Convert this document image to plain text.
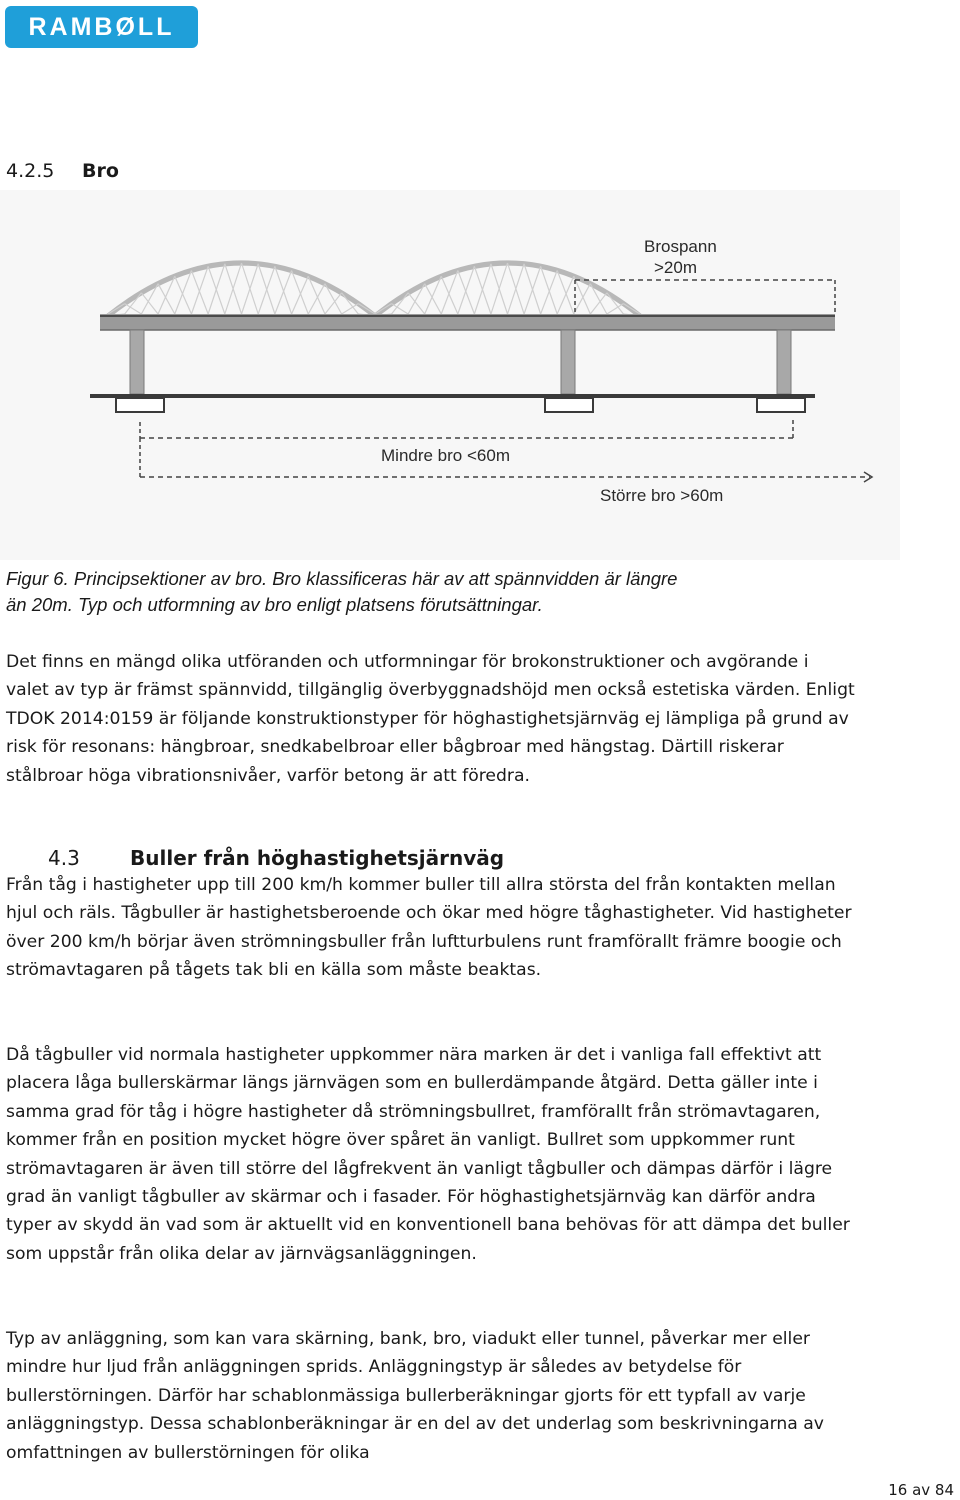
RAMBØLL
4.2.5 Bro
Brospann
>20m
Mindre bro <60m
Större bro >60m
Figur 6. Principsektioner av bro. Bro klassificeras här av att spännvidden är längre
än 20m. Typ och utformning av bro enligt platsens förutsättningar.

Det finns en mängd olika utföranden och utformningar för brokonstruktioner och avgörande i valet av typ är främst spännvidd, tillgänglig överbyggnadshöjd men också estetiska värden. Enligt TDOK 2014:0159 är följande konstruktionstyper för höghastighetsjärnväg ej lämpliga på grund av risk för resonans: hängbroar, snedkabelbroar eller bågbroar med hängstag. Därtill riskerar stålbroar höga vibrationsnivåer, varför betong är att föredra.

4.3	Buller från höghastighetsjärnväg

Från tåg i hastigheter upp till 200 km/h kommer buller till allra största del från kontakten mellan hjul och räls. Tågbuller är hastighetsberoende och ökar med högre tåghastigheter. Vid hastigheter över 200 km/h börjar även strömningsbuller från luftturbulens runt framförallt främre boogie och strömavtagaren på tågets tak bli en källa som måste beaktas.

Då tågbuller vid normala hastigheter uppkommer nära marken är det i vanliga fall effektivt att placera låga bullerskärmar längs järnvägen som en bullerdämpande åtgärd. Detta gäller inte i samma grad för tåg i högre hastigheter då strömningsbullret, framförallt från strömavtagaren, kommer från en position mycket högre över spåret än vanligt. Bullret som uppkommer runt strömavtagaren är även till större del lågfrekvent än vanligt tågbuller och dämpas därför i lägre grad än vanligt tågbuller av skärmar och i fasader. För höghastighetsjärnväg kan därför andra typer av skydd än vad som är aktuellt vid en konventionell bana behövas för att dämpa det buller som uppstår från olika delar av järnvägsanläggningen.

Typ av anläggning, som kan vara skärning, bank, bro, viadukt eller tunnel, påverkar mer eller mindre hur ljud från anläggningen sprids. Anläggningstyp är således av betydelse för bullerstörningen. Därför har schablonmässiga bullerberäkningar gjorts för ett typfall av varje anläggningstyp. Dessa schablonberäkningar är en del av det underlag som beskrivningarna av omfattningen av bullerstörningen för olika

16 av 84
